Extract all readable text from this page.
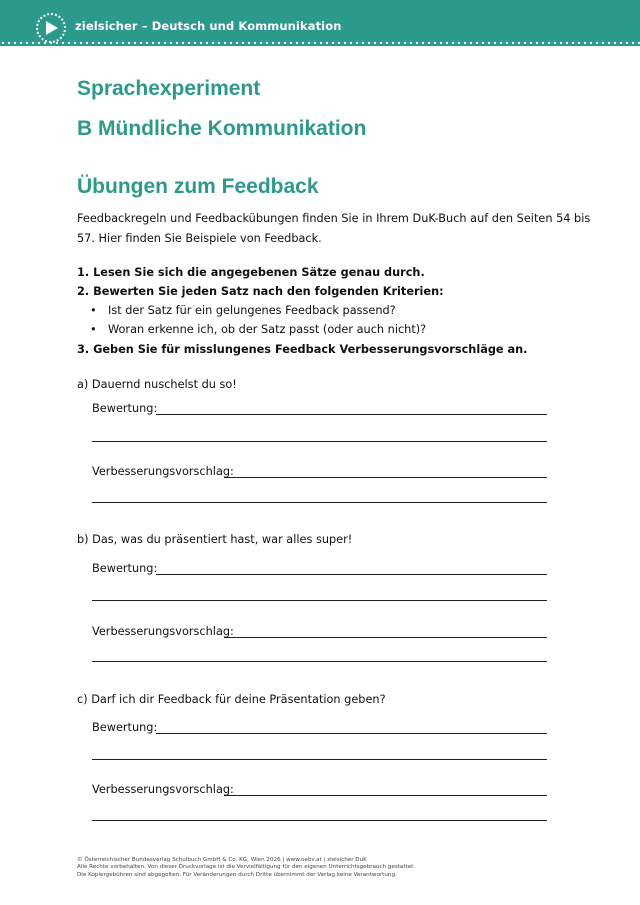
zielsicher – Deutsch und Kommunikation
Sprachexperiment
B Mündliche Kommunikation
Übungen zum Feedback
Feedbackregeln und Feedbackübungen finden Sie in Ihrem DuK-Buch auf den Seiten 54 bis
57. Hier finden Sie Beispiele von Feedback.
1. Lesen Sie sich die angegebenen Sätze genau durch.
2. Bewerten Sie jeden Satz nach den folgenden Kriterien:
• Ist der Satz für ein gelungenes Feedback passend?
• Woran erkenne ich, ob der Satz passt (oder auch nicht)?
3. Geben Sie für misslungenes Feedback Verbesserungsvorschläge an.
a) Dauernd nuschelst du so!
Bewertung:
Verbesserungsvorschlag:
b) Das, was du präsentiert hast, war alles super!
Bewertung:
Verbesserungsvorschlag:
c) Darf ich dir Feedback für deine Präsentation geben?
Bewertung:
Verbesserungsvorschlag:
© Österreichischer Bundesverlag Schulbuch GmbH & Co. KG, Wien 2026 | www.oebv.at | zielsicher DuK
Alle Rechte vorbehalten. Von dieser Druckvorlage ist die Vervielfältigung für den eigenen Unterrichtsgebrauch gestattet.
Die Kopiergebühren sind abgegolten. Für Veränderungen durch Dritte übernimmt der Verlag keine Verantwortung.
